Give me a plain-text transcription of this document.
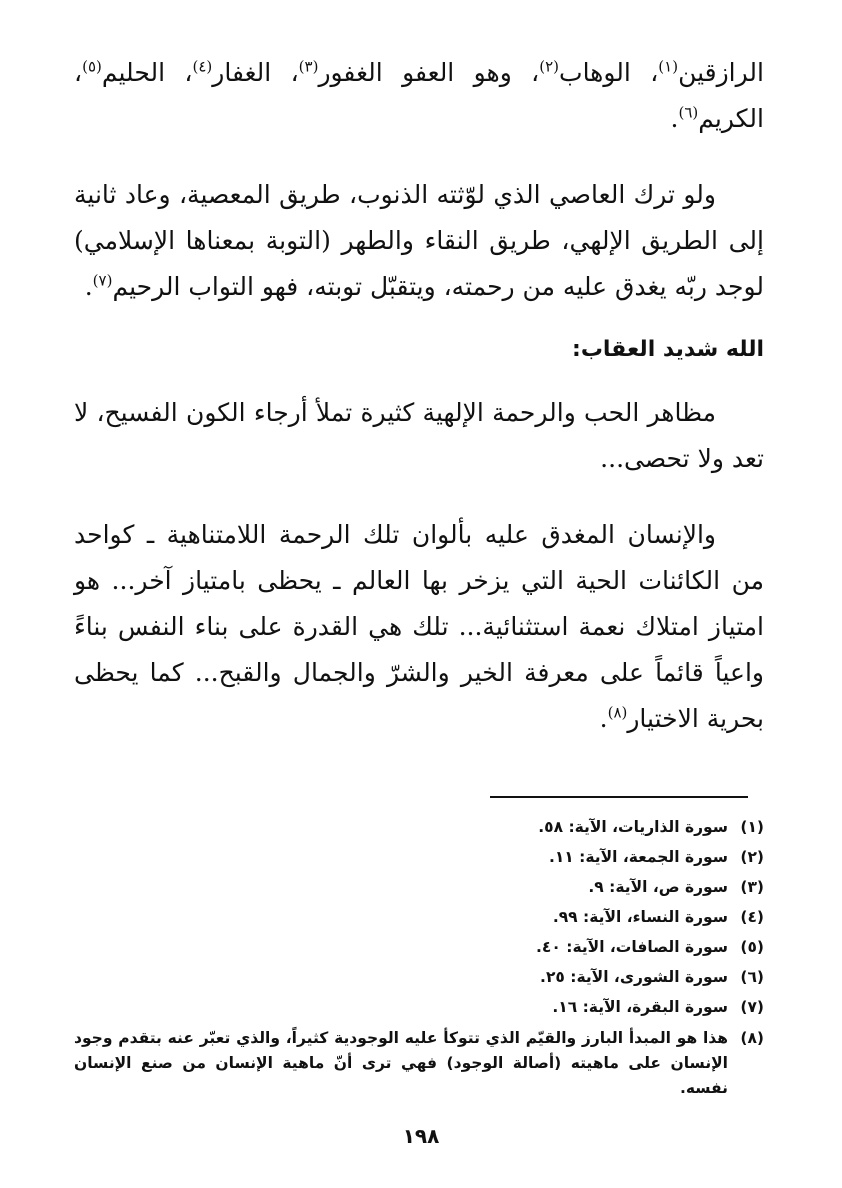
الرازقين$^{(١)}$، الوهاب$^{(٢)}$، وهو العفو الغفور$^{(٣)}$، الغفار$^{(٤)}$، الحليم$^{(٥)}$، الكريم$^{(٦)}$.

ولو ترك العاصي الذي لوّثته الذنوب، طريق المعصية، وعاد ثانية إلى الطريق الإلهي، طريق النقاء والطهر (التوبة بمعناها الإسلامي) لوجد ربّه يغدق عليه من رحمته، ويتقبّل توبته، فهو التواب الرحيم$^{(٧)}$.

الله شديد العقاب:

مظاهر الحب والرحمة الإلهية كثيرة تملأ أرجاء الكون الفسيح، لا تعد ولا تحصى...

والإنسان المغدق عليه بألوان تلك الرحمة اللامتناهية ـ كواحد من الكائنات الحية التي يزخر بها العالم ـ يحظى بامتياز آخر... هو امتياز امتلاك نعمة استثنائية... تلك هي القدرة على بناء النفس بناءً واعياً قائماً على معرفة الخير والشرّ والجمال والقبح... كما يحظى بحرية الاختيار$^{(٨)}$.

(١)
سورة الذاريات، الآية: ٥٨.
(٢)
سورة الجمعة، الآية: ١١.
(٣)
سورة ص، الآية: ٩.
(٤)
سورة النساء، الآية: ٩٩.
(٥)
سورة الصافات، الآية: ٤٠.
(٦)
سورة الشورى، الآية: ٢٥.
(٧)
سورة البقرة، الآية: ١٦.
(٨)
هذا هو المبدأ البارز والقيّم الذي تتوكأ عليه الوجودية كثيراً، والذي تعبّر عنه بتقدم وجود الإنسان على ماهيته (أصالة الوجود) فهي ترى أنّ ماهية الإنسان من صنع الإنسان نفسه.
١٩٨
